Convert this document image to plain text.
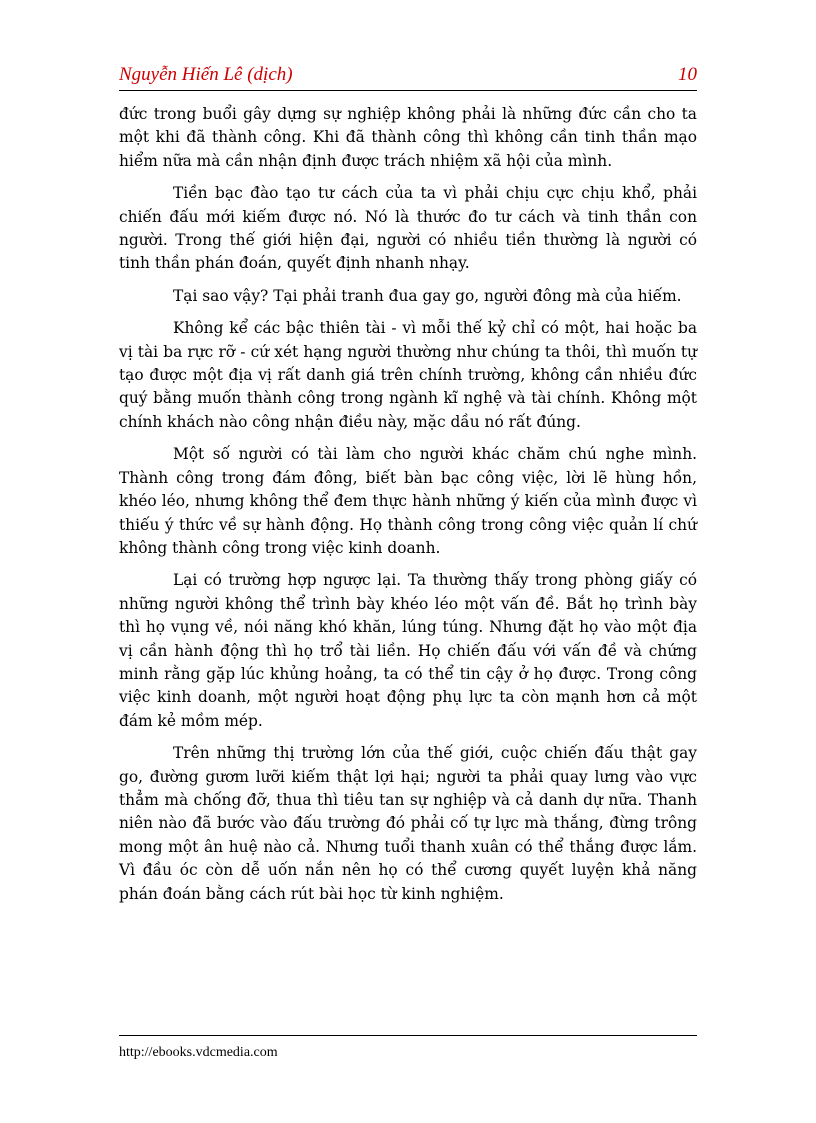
Nguyễn Hiến Lê (dịch)	10

đức trong buổi gây dựng sự nghiệp không phải là những đức cần cho ta một khi đã thành công. Khi đã thành công thì không cần tinh thần mạo hiểm nữa mà cần nhận định được trách nhiệm xã hội của mình.

Tiền bạc đào tạo tư cách của ta vì phải chịu cực chịu khổ, phải chiến đấu mới kiếm được nó. Nó là thước đo tư cách và tinh thần con người. Trong thế giới hiện đại, người có nhiều tiền thường là người có tinh thần phán đoán, quyết định nhanh nhạy.

Tại sao vậy? Tại phải tranh đua gay go, người đông mà của hiếm.

Không kể các bậc thiên tài - vì mỗi thế kỷ chỉ có một, hai hoặc ba vị tài ba rực rỡ - cứ xét hạng người thường như chúng ta thôi, thì muốn tự tạo được một địa vị rất danh giá trên chính trường, không cần nhiều đức quý bằng muốn thành công trong ngành kĩ nghệ và tài chính. Không một chính khách nào công nhận điều này, mặc dầu nó rất đúng.

Một số người có tài làm cho người khác chăm chú nghe mình. Thành công trong đám đông, biết bàn bạc công việc, lời lẽ hùng hồn, khéo léo, nhưng không thể đem thực hành những ý kiến của mình được vì thiếu ý thức về sự hành động. Họ thành công trong công việc quản lí chứ không thành công trong việc kinh doanh.

Lại có trường hợp ngược lại. Ta thường thấy trong phòng giấy có những người không thể trình bày khéo léo một vấn đề. Bắt họ trình bày thì họ vụng về, nói năng khó khăn, lúng túng. Nhưng đặt họ vào một địa vị cần hành động thì họ trổ tài liền. Họ chiến đấu với vấn đề và chứng minh rằng gặp lúc khủng hoảng, ta có thể tin cậy ở họ được. Trong công việc kinh doanh, một người hoạt động phụ lực ta còn mạnh hơn cả một đám kẻ mồm mép.

Trên những thị trường lớn của thế giới, cuộc chiến đấu thật gay go, đường gươm lưỡi kiếm thật lợi hại; người ta phải quay lưng vào vực thẳm mà chống đỡ, thua thì tiêu tan sự nghiệp và cả danh dự nữa. Thanh niên nào đã bước vào đấu trường đó phải cố tự lực mà thắng, đừng trông mong một ân huệ nào cả. Nhưng tuổi thanh xuân có thể thắng được lắm. Vì đầu óc còn dễ uốn nắn nên họ có thể cương quyết luyện khả năng phán đoán bằng cách rút bài học từ kinh nghiệm.

http://ebooks.vdcmedia.com
